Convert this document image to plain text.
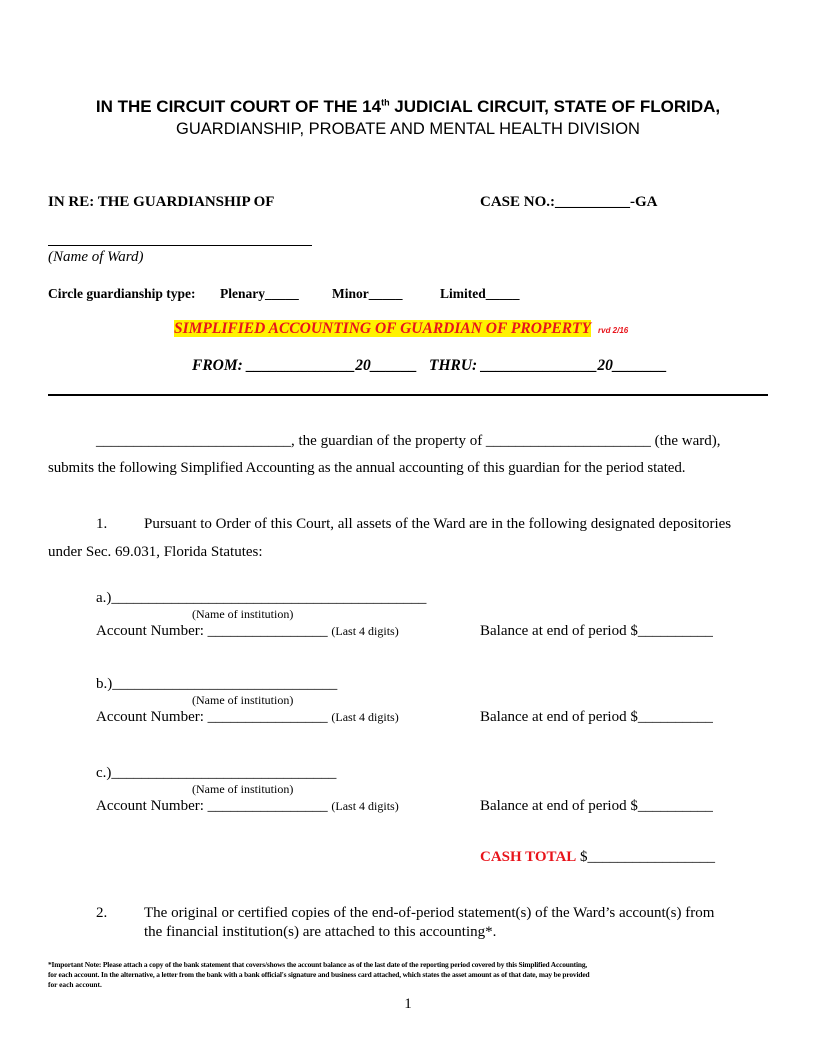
IN THE CIRCUIT COURT OF THE 14th JUDICIAL CIRCUIT, STATE OF FLORIDA,
GUARDIANSHIP, PROBATE AND MENTAL HEALTH DIVISION
IN RE: THE GUARDIANSHIP OF	CASE NO.:__________-GA
(Name of Ward)
Circle guardianship type: Plenary_____ Minor_____	Limited_____
SIMPLIFIED ACCOUNTING OF GUARDIAN OF PROPERTY rvd 2/16
FROM: ______________20______ THRU: _______________20_______
__________________________, the guardian of the property of ______________________ (the ward),
submits the following Simplified Accounting as the annual accounting of this guardian for the period stated.
1. Pursuant to Order of this Court, all assets of the Ward are in the following designated depositories
under Sec. 69.031, Florida Statutes:
a.)__________________________________________
(Name of institution)
Account Number: ________________ (Last 4 digits)	Balance at end of period $__________
b.)______________________________
(Name of institution)
Account Number: ________________ (Last 4 digits)	Balance at end of period $__________
c.)______________________________
(Name of institution)
Account Number: ________________ (Last 4 digits)	Balance at end of period $__________
CASH TOTAL $_________________
2. The original or certified copies of the end-of-period statement(s) of the Ward’s account(s) from
the financial institution(s) are attached to this accounting*.
*Important Note: Please attach a copy of the bank statement that covers/shows the account balance as of the last date of the reporting period covered by this Simplified Accounting,
for each account. In the alternative, a letter from the bank with a bank official's signature and business card attached, which states the asset amount as of that date, may be provided
for each account.
1
